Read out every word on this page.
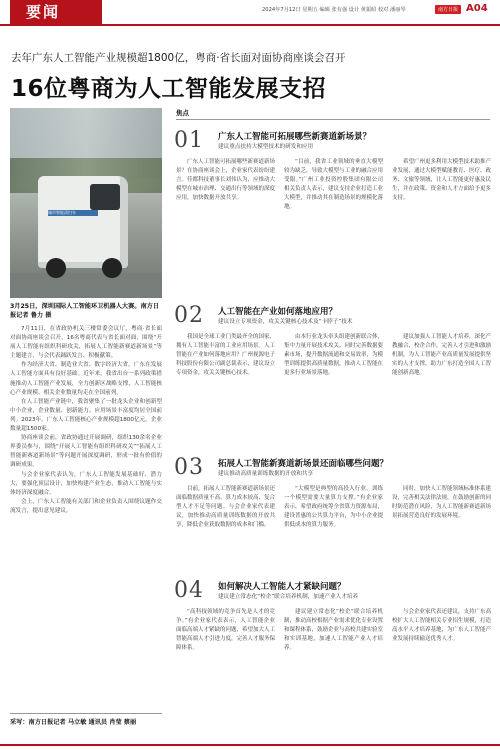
要闻	2024年7月12日 星期五 编辑 张有强 设计 黄振昭 校对 潘丽琴	南方日报 A04
去年广东人工智能产业规模超1800亿，粤商·省长面对面协商座谈会召开
16位粤商为人工智能发展支招
城市智能清扫车
3月25日，深圳国际人工智能环卫机器人大赛。南方日报记者 鲁力 摄

7月11日，在省政协机关三楼常委会议厅，粤商·省长面对面协商座谈会召开，16名粤商代表与省长面对面，围绕“开展人工智能有组织科研攻关，拓展人工智能新赛道新场景”等主题建言，与会代表踊跃发言、积极献策。

作为经济大省、制造业大省、数字经济大省，广东在发展人工智能方面具有良好基础。近年来，我省出台一系列政策措施推动人工智能产业发展，全力创新区战略支撑，人工智能核心产业规模、相关企业数量均走在全国前列。

在人工智能产业链中，我省聚集了一批龙头企业和创新型中小企业，企业数量、创新能力、应用场景丰富度均居全国前列。2023年，广东人工智能核心产业规模超1800亿元，企业数量超1500家。

协商座谈会前，省政协通过开展调研，组织130余名企业界委员参与，围绕“开展人工智能有组织科研攻关”“拓展人工智能新赛道新场景”等问题开展深度调研，形成一批有价值的调研成果。

与会企业家代表认为，广东人工智能发展基础好、潜力大，要强化顶层设计，加快构建产业生态，推动人工智能与实体经济深度融合。

会上，广东人工智能有关部门和企业负责人围绕议题作交流发言，提出意见建议。

焦点
01 广东人工智能可拓展哪些新赛道新场景？
建议重点扶持大模型技术的研发和应用

广东人工智能可拓展哪些新赛道新场景？在协商座谈会上，企业家代表纷纷建言。佳都科技董事长刘伟认为，应推动大模型在城市治理、交通出行等领域的深度应用，加快数据开放共享。

“目前，我省工业领域的垂直大模型较为缺乏，导致大模型与工业的融合应用受限。”广州工业投资控股集团有限公司相关负责人表示，建议支持企业打造工业大模型，并推动其在制造场景的规模化落地。

希望广州更多利用大模型技术助推产业发展，通过大模型赋能教育、医疗、政务、文旅等领域，让人工智能更好惠及民生，并在政策、资金和人才方面给予更多支持。

02 人工智能在产业如何落地应用？
建议设立专项资金，攻关关键核心技术及“卡脖子”技术

我国是全球工业门类最齐全的国家，拥有人工智能丰富的工业应用场景。人工智能在产业如何落地应用？广州视源电子科技股份有限公司副总裁表示，建议设立专项资金，攻关关键核心技术。

由本行业龙头牵头组建创新联合体，集中力量开展技术攻关。同时完善数据要素市场，提升数据流通和交易效率，为模型训练提供高质量数据，推动人工智能在更多行业场景落地。

建议加强人工智能人才培养，深化产教融合、校企合作，完善人才引进和激励机制，为人工智能产业高质量发展提供坚实的人才支撑，助力广东打造全国人工智能创新高地。

03 拓展人工智能新赛道新场景还面临哪些问题？
建议推动高质量训练数据的开放和共享

目前，拓展人工智能新赛道新场景还面临数据质量不高、算力成本较高、复合型人才不足等问题。与会企业家代表建议，加快推动高质量训练数据的开放共享，降低企业获取数据的成本和门槛。

“大模型是典型的高投入行业，训练一个模型需要大量算力支撑。”有企业家表示，希望政府统筹全省算力资源布局，建设普惠的公共算力平台，为中小企业提供低成本的算力服务。

同时，加快人工智能领域标准体系建设，完善相关法律法规，在鼓励创新的同时防范潜在风险，为人工智能新赛道新场景拓展营造良好的发展环境。

04 如何解决人工智能人才紧缺问题？
建议建立常态化“校企”联合培养机制，加速产业人才培养

“高科技领域的竞争首先是人才的竞争。”有企业家代表表示，人工智能企业面临高端人才紧缺的问题，希望加大人工智能高端人才引进力度，完善人才服务保障体系。

建议建立常态化“校企”联合培养机制，推动高校根据产业需求优化专业设置和课程体系，鼓励企业与高校共建实验室和实训基地，加速人工智能产业人才培养。

与会企业家代表还建议，支持广东高校扩大人工智能相关专业招生规模，打造高水平人才培养基地，为广东人工智能产业发展持续输送优秀人才。

采写：南方日报记者 马立敏 通讯员 肖莹 蔡丽
